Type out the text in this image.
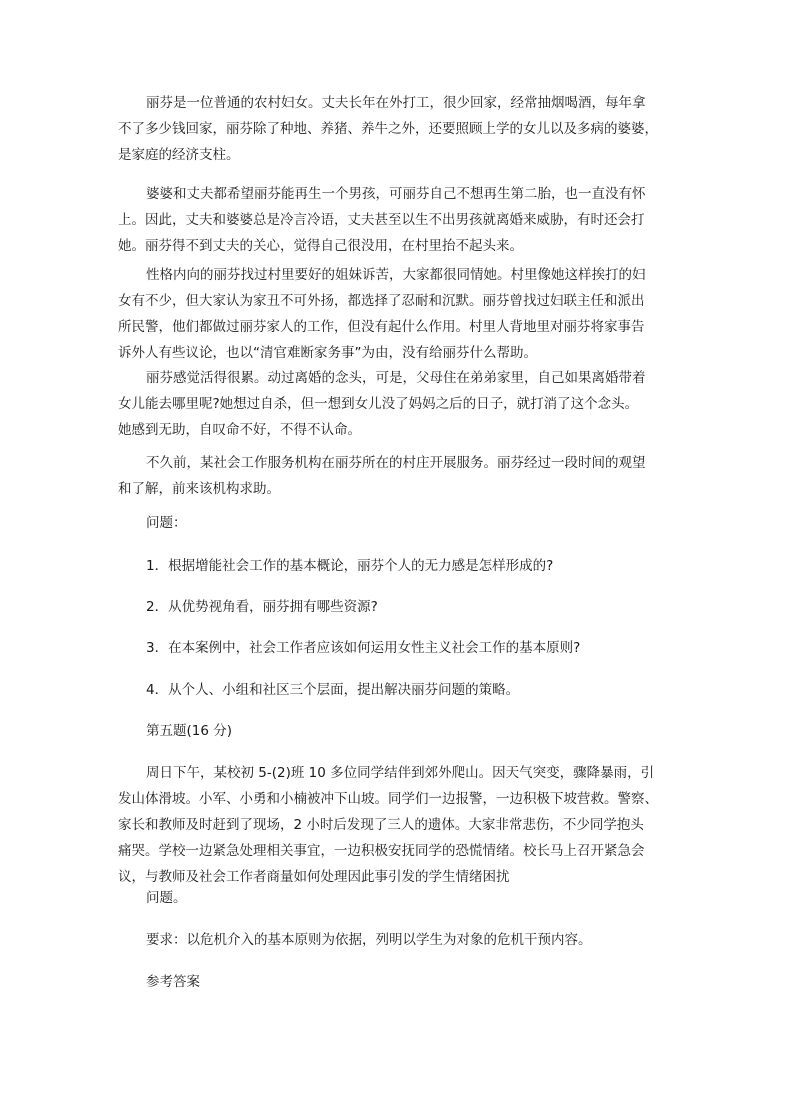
丽芬是一位普通的农村妇女。丈夫长年在外打工，很少回家，经常抽烟喝酒，每年拿
不了多少钱回家，丽芬除了种地、养猪、养牛之外，还要照顾上学的女儿以及多病的婆婆，
是家庭的经济支柱。

婆婆和丈夫都希望丽芬能再生一个男孩，可丽芬自己不想再生第二胎，也一直没有怀
上。因此，丈夫和婆婆总是冷言冷语，丈夫甚至以生不出男孩就离婚来威胁，有时还会打
她。丽芬得不到丈夫的关心，觉得自己很没用，在村里抬不起头来。

性格内向的丽芬找过村里要好的姐妹诉苦，大家都很同情她。村里像她这样挨打的妇
女有不少，但大家认为家丑不可外扬，都选择了忍耐和沉默。丽芬曾找过妇联主任和派出
所民警，他们都做过丽芬家人的工作，但没有起什么作用。村里人背地里对丽芬将家事告
诉外人有些议论，也以“清官难断家务事”为由，没有给丽芬什么帮助。

丽芬感觉活得很累。动过离婚的念头，可是，父母住在弟弟家里，自己如果离婚带着
女儿能去哪里呢?她想过自杀，但一想到女儿没了妈妈之后的日子，就打消了这个念头。
她感到无助，自叹命不好，不得不认命。

不久前，某社会工作服务机构在丽芬所在的村庄开展服务。丽芬经过一段时间的观望
和了解，前来该机构求助。

问题：

1．根据增能社会工作的基本概论，丽芬个人的无力感是怎样形成的?

2．从优势视角看，丽芬拥有哪些资源?

3．在本案例中，社会工作者应该如何运用女性主义社会工作的基本原则?

4．从个人、小组和社区三个层面，提出解决丽芬问题的策略。

第五题(16 分)

周日下午，某校初 5-(2)班 10 多位同学结伴到郊外爬山。因天气突变，骤降暴雨，引
发山体滑坡。小军、小勇和小楠被冲下山坡。同学们一边报警，一边积极下坡营救。警察、
家长和教师及时赶到了现场，2 小时后发现了三人的遗体。大家非常悲伤，不少同学抱头
痛哭。学校一边紧急处理相关事宜，一边积极安抚同学的恐慌情绪。校长马上召开紧急会
议，与教师及社会工作者商量如何处理因此事引发的学生情绪困扰

问题。

要求：以危机介入的基本原则为依据，列明以学生为对象的危机干预内容。

参考答案
